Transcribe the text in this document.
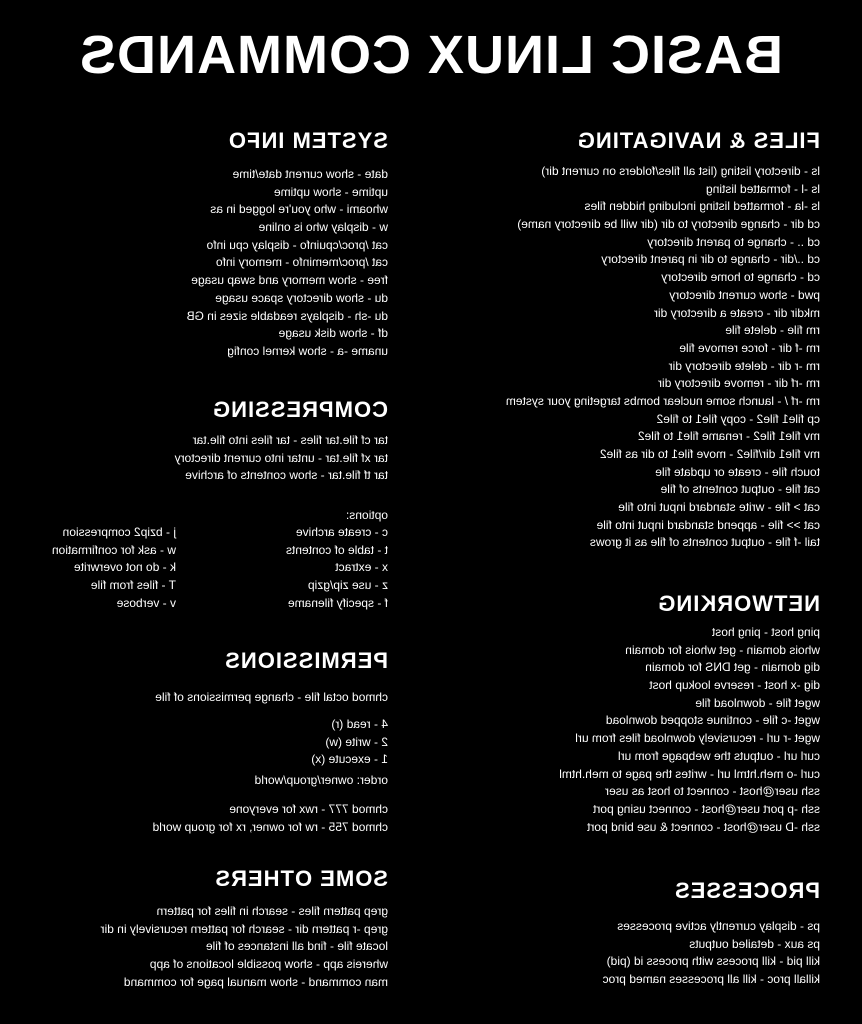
BASIC LINUX COMMANDS
FILES & NAVIGATING
ls - directory listing (list all files/folders on current dir)
ls -l - formatted listing
ls -la - formatted listing including hidden files
cd dir - change directory to dir (dir will be directory name)
cd .. - change to parent directory
cd ../dir - change to dir in parent directory
cd - change to home directory
pwd - show current directory
mkdir dir - create a directory dir
rm file - delete file
rm -f dir - force remove file
rm -r dir - delete directory dir
rm -rf dir - remove directory dir
rm -rf / - launch some nuclear bombs targeting your system
cp file1 file2 - copy file1 to file2
mv file1 file2 - rename file1 to file2
mv file1 dir/file2 - move file1 to dir as file2
touch file - create or update file
cat file - output contents of file
cat > file - write standard input into file
cat >> file - append standard input into file
tail -f file - output contents of file as it grows
NETWORKING
ping host - ping host
whois domain - get whois for domain
dig domain - get DNS for domain
dig -x host - reserve lookup host
wget file - download file
wget -c file - continue stopped download
wget -r url - recursively download files from url
curl url - outputs the webpage from url
curl -o meh.html url - writes the page to meh.html
ssh user@host - connect to host as user
ssh -p port user@host - connect using port
ssh -D user@host - connect & use bind port
PROCESSES
ps - display currently active processes
ps aux - detailed outputs
kill pid - kill process with process id (pid)
killall proc - kill all processes named proc
SYSTEM INFO
date - show current date/time
uptime - show uptime
whoami - who you're logged in as
w - display who is online
cat /proc/cpuinfo - display cpu info
cat /proc/meminfo - memory info
free - show memory and swap usage
du - show directory space usage
du -sh - displays readable sizes in GB
df - show disk usage
uname -a - show kernel config
COMPRESSING
tar cf file.tar files - tar files into file.tar
tar xf file.tar - untar into current directory
tar tf file.tar - show contents of archive
options:
c - create archive
t - table of contents
x - extract
z - use zip/gzip
f - specify filename
j - bzip2 compression
w - ask for confirmation
k - do not overwrite
T - files from file
v - verbose
PERMISSIONS
chmod octal file - change permissions of file
4 - read (r)
2 - write (w)
1 - execute (x)
order: owner/group/world
chmod 777 - rwx for everyone
chmod 755 - rw for owner, rx for group world
SOME OTHERS
grep pattern files - search in files for pattern
grep -r pattern dir - search for pattern recursively in dir
locate file - find all instances of file
whereis app - show possible locations of app
man command - show manual page for command
